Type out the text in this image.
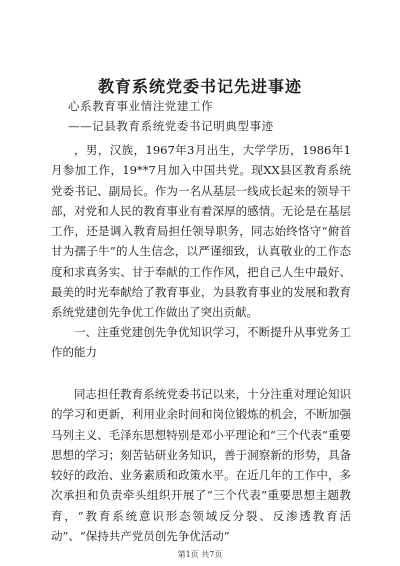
教育系统党委书记先进事迹

心系教育事业情注党建工作

——记县教育系统党委书记明典型事迹

，男，汉族，1967年3月出生，大学学历，1986年1月参加工作，19**7月加入中国共党。现XX县区教育系统党委书记、副局长。作为一名从基层一线成长起来的领导干部，对党和人民的教育事业有着深厚的感情。无论是在基层工作，还是调入教育局担任领导职务，同志始终恪守“俯首甘为孺子牛”的人生信念，以严谨细致，认真敬业的工作态度和求真务实、甘于奉献的工作作风，把自己人生中最好、最美的时光奉献给了教育事业，为县教育事业的发展和教育系统党建创先争优工作做出了突出贡献。

一、注重党建创先争优知识学习，不断提升从事党务工作的能力

同志担任教育系统党委书记以来，十分注重对理论知识的学习和更新，利用业余时间和岗位锻炼的机会，不断加强马列主义、毛泽东思想特别是邓小平理论和“三个代表”重要思想的学习；刻苦钻研业务知识，善于洞察新的形势，具备较好的政治、业务素质和政策水平。在近几年的工作中，多次承担和负责牵头组织开展了“三个代表”重要思想主题教育，“教育系统意识形态领域反分裂、反渗透教育活动”、“保持共产党员创先争优活动”

第1页 共7页
